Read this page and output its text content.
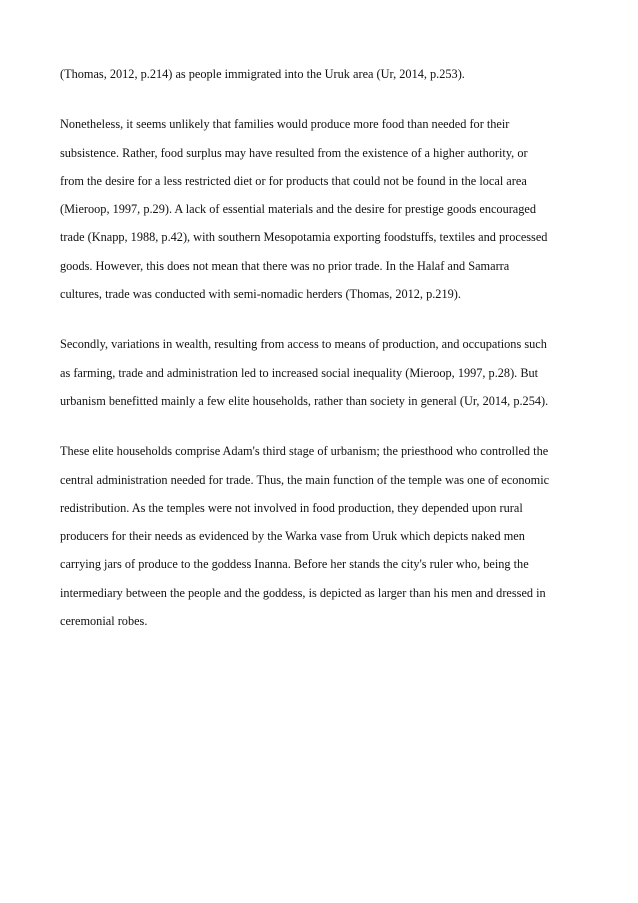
(Thomas, 2012, p.214) as people immigrated into the Uruk area (Ur, 2014, p.253).

Nonetheless, it seems unlikely that families would produce more food than needed for their
subsistence. Rather, food surplus may have resulted from the existence of a higher authority, or
from the desire for a less restricted diet or for products that could not be found in the local area
(Mieroop, 1997, p.29). A lack of essential materials and the desire for prestige goods encouraged
trade (Knapp, 1988, p.42), with southern Mesopotamia exporting foodstuffs, textiles and processed
goods. However, this does not mean that there was no prior trade. In the Halaf and Samarra
cultures, trade was conducted with semi-nomadic herders (Thomas, 2012, p.219).

Secondly, variations in wealth, resulting from access to means of production, and occupations such
as farming, trade and administration led to increased social inequality (Mieroop, 1997, p.28). But
urbanism benefitted mainly a few elite households, rather than society in general (Ur, 2014, p.254).

These elite households comprise Adam's third stage of urbanism; the priesthood who controlled the
central administration needed for trade. Thus, the main function of the temple was one of economic
redistribution. As the temples were not involved in food production, they depended upon rural
producers for their needs as evidenced by the Warka vase from Uruk which depicts naked men
carrying jars of produce to the goddess Inanna. Before her stands the city's ruler who, being the
intermediary between the people and the goddess, is depicted as larger than his men and dressed in
ceremonial robes.
